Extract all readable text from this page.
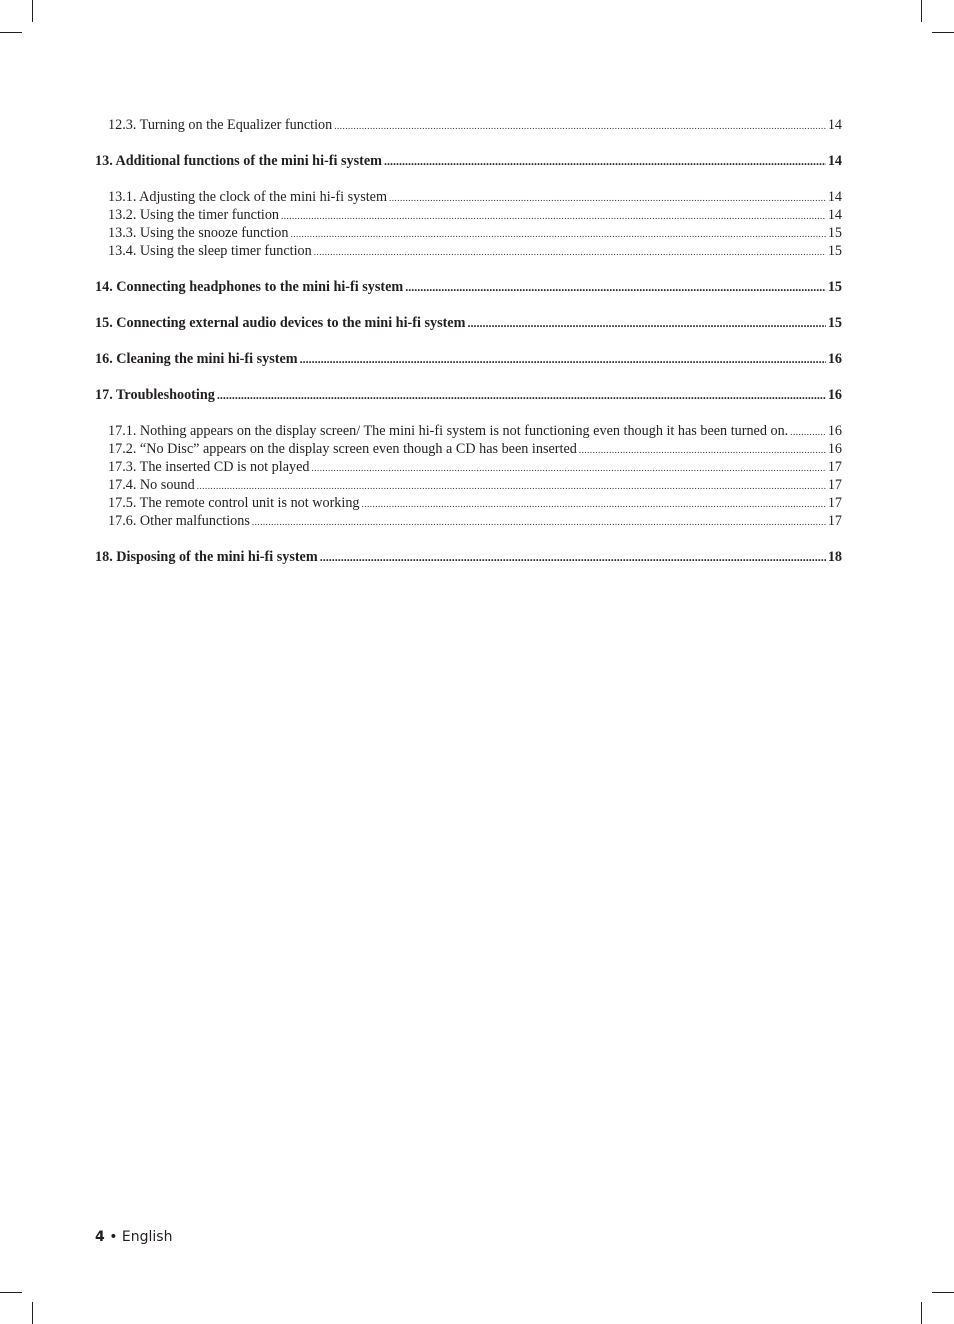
12.3. Turning on the Equalizer function .....	14
13. Additional functions of the mini hi-fi system .....	14
13.1. Adjusting the clock of the mini hi-fi system .....	14
13.2. Using the timer function .....	14
13.3. Using the snooze function .....	15
13.4. Using the sleep timer function .....	15
14. Connecting headphones to the mini hi-fi system .....	15
15. Connecting external audio devices to the mini hi-fi system .....	15
16. Cleaning the mini hi-fi system .....	16
17. Troubleshooting .....	16
17.1. Nothing appears on the display screen/ The mini hi-fi system is not functioning even though it has been turned on. .....	16
17.2. “No Disc” appears on the display screen even though a CD has been inserted .....	16
17.3. The inserted CD is not played .....	17
17.4. No sound .....	17
17.5. The remote control unit is not working .....	17
17.6. Other malfunctions .....	17
18. Disposing of the mini hi-fi system .....	18
4 • English
